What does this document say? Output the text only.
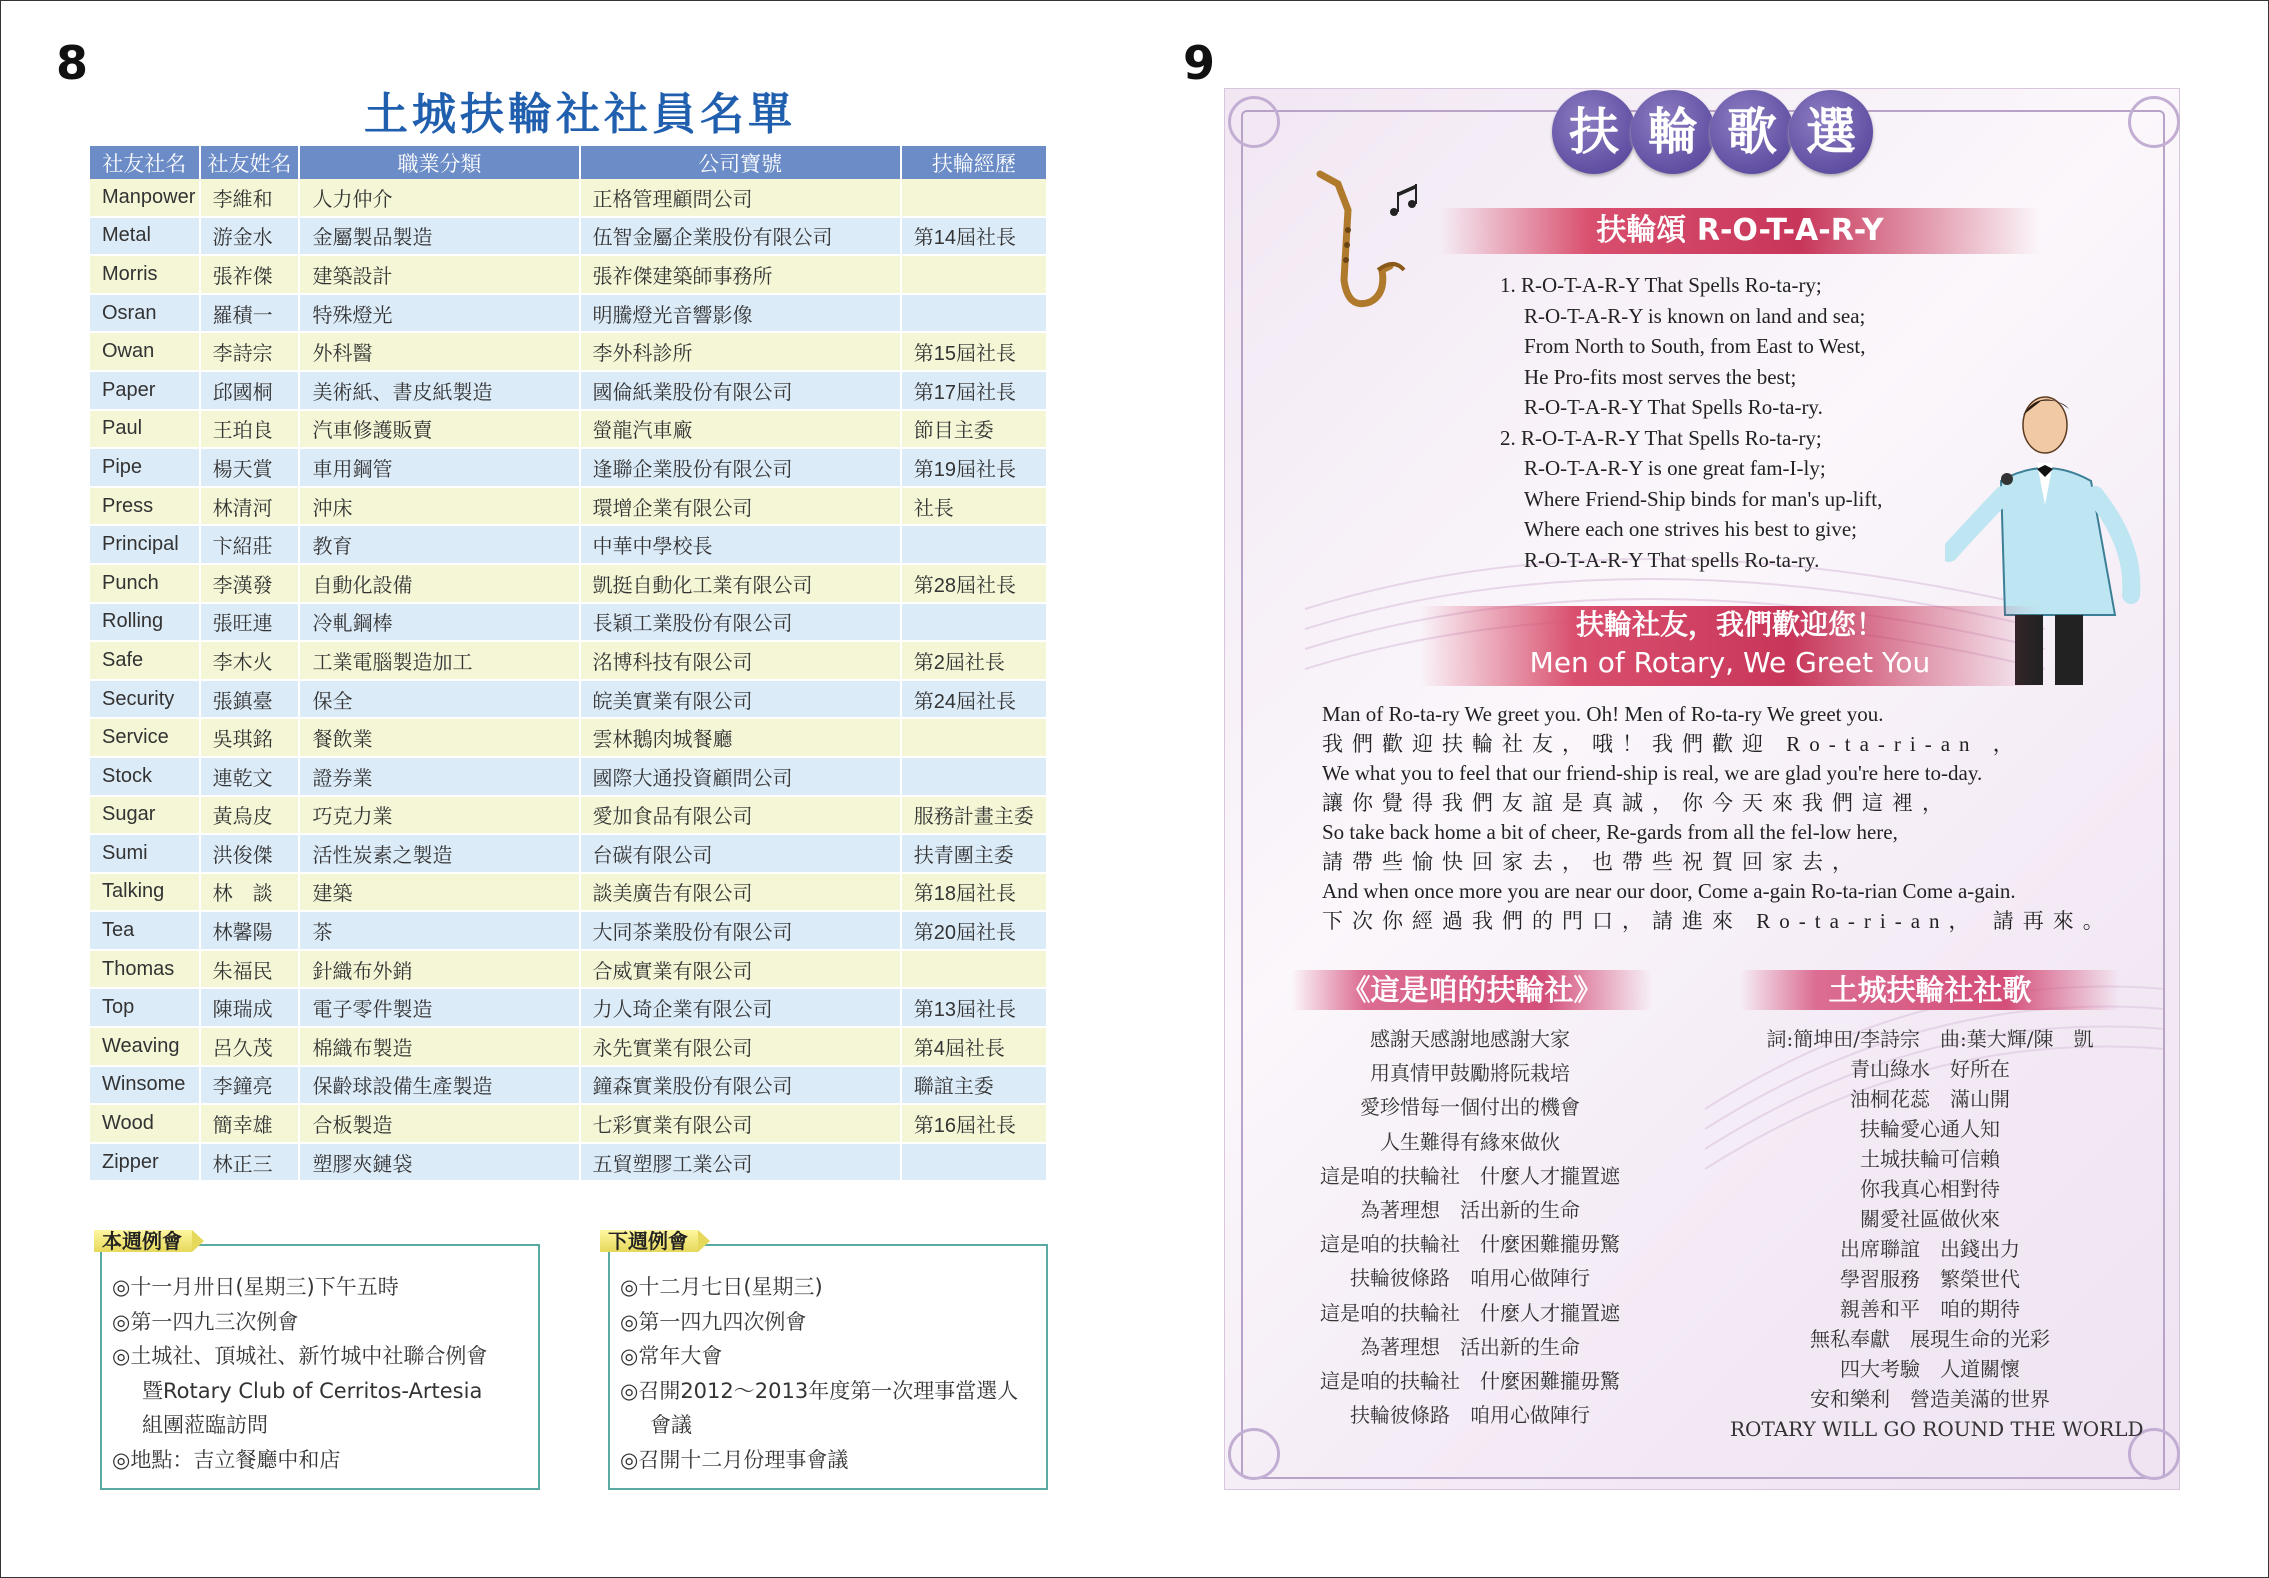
8
土城扶輪社社員名單
社友社名	社友姓名	職業分類	公司寶號	扶輪經歷
Manpower	李維和	人力仲介	正格管理顧問公司	
Metal	游金水	金屬製品製造	伍智金屬企業股份有限公司	第14屆社長
Morris	張祚傑	建築設計	張祚傑建築師事務所	
Osran	羅積一	特殊燈光	明騰燈光音響影像	
Owan	李詩宗	外科醫	李外科診所	第15屆社長
Paper	邱國桐	美術紙、書皮紙製造	國倫紙業股份有限公司	第17屆社長
Paul	王珀良	汽車修護販賣	螢龍汽車廠	節目主委
Pipe	楊天賞	車用鋼管	逢聯企業股份有限公司	第19屆社長
Press	林清河	沖床	環增企業有限公司	社長
Principal	卞紹莊	教育	中華中學校長	
Punch	李漢發	自動化設備	凱挺自動化工業有限公司	第28屆社長
Rolling	張旺連	冷軋鋼棒	長穎工業股份有限公司	
Safe	李木火	工業電腦製造加工	洺博科技有限公司	第2屆社長
Security	張鎮臺	保全	皖美實業有限公司	第24屆社長
Service	吳琪銘	餐飲業	雲林鵝肉城餐廳	
Stock	連乾文	證券業	國際大通投資顧問公司	
Sugar	黃烏皮	巧克力業	愛加食品有限公司	服務計畫主委
Sumi	洪俊傑	活性炭素之製造	台碳有限公司	扶青團主委
Talking	林　談	建築	談美廣告有限公司	第18屆社長
Tea	林馨陽	茶	大同茶業股份有限公司	第20屆社長
Thomas	朱福民	針織布外銷	合威實業有限公司	
Top	陳瑞成	電子零件製造	力人琦企業有限公司	第13屆社長
Weaving	呂久茂	棉織布製造	永先實業有限公司	第4屆社長
Winsome	李鐘亮	保齡球設備生產製造	鐘森實業股份有限公司	聯誼主委
Wood	簡幸雄	合板製造	七彩實業有限公司	第16屆社長
Zipper	林正三	塑膠夾鏈袋	五貿塑膠工業公司	
◎十一月卅日(星期三)下午五時
◎第一四九三次例會
◎土城社、頂城社、新竹城中社聯合例會
暨Rotary Club of Cerritos-Artesia
組團蒞臨訪問
◎地點：吉立餐廳中和店
本週例會
◎十二月七日(星期三)
◎第一四九四次例會
◎常年大會
◎召開2012～2013年度第一次理事當選人
會議
◎召開十二月份理事會議
下週例會
9
扶 輪 歌 選
扶輪頌 R-O-T-A-R-Y
1. R-O-T-A-R-Y That Spells Ro-ta-ry;
R-O-T-A-R-Y is known on land and sea;
From North to South, from East to West,
He Pro-fits most serves the best;
R-O-T-A-R-Y That Spells Ro-ta-ry.
2. R-O-T-A-R-Y That Spells Ro-ta-ry;
R-O-T-A-R-Y is one great fam-I-ly;
Where Friend-Ship binds for man's up-lift,
Where each one strives his best to give;
R-O-T-A-R-Y That spells Ro-ta-ry.
扶輪社友，我們歡迎您！
Men of Rotary, We Greet You
Man of Ro-ta-ry We greet you. Oh! Men of Ro-ta-ry We greet you.
我們歡迎扶輪社友，哦！我們歡迎 Ro-ta-ri-an ，
We what you to feel that our friend-ship is real, we are glad you're here to-day.
讓你覺得我們友誼是真誠，你今天來我們這裡，
So take back home a bit of cheer, Re-gards from all the fel-low here,
請帶些愉快回家去，也帶些祝賀回家去，
And when once more you are near our door, Come a-gain Ro-ta-rian Come a-gain.
下次你經過我們的門口，請進來 Ro-ta-ri-an， 請再來。
《這是咱的扶輪社》	土城扶輪社社歌
感謝天感謝地感謝大家
用真情甲鼓勵將阮栽培
愛珍惜每一個付出的機會
人生難得有緣來做伙
這是咱的扶輪社　什麼人才攏置遮
為著理想　活出新的生命
這是咱的扶輪社　什麼困難攏毋驚
扶輪彼條路　咱用心做陣行
這是咱的扶輪社　什麼人才攏置遮
為著理想　活出新的生命
這是咱的扶輪社　什麼困難攏毋驚
扶輪彼條路　咱用心做陣行
詞:簡坤田/李詩宗　曲:葉大輝/陳　凱
青山綠水　好所在
油桐花蕊　滿山開
扶輪愛心通人知
土城扶輪可信賴
你我真心相對待
關愛社區做伙來
出席聯誼　出錢出力
學習服務　繁榮世代
親善和平　咱的期待
無私奉獻　展現生命的光彩
四大考驗　人道關懷
安和樂利　營造美滿的世界
ROTARY WILL GO ROUND THE WORLD
